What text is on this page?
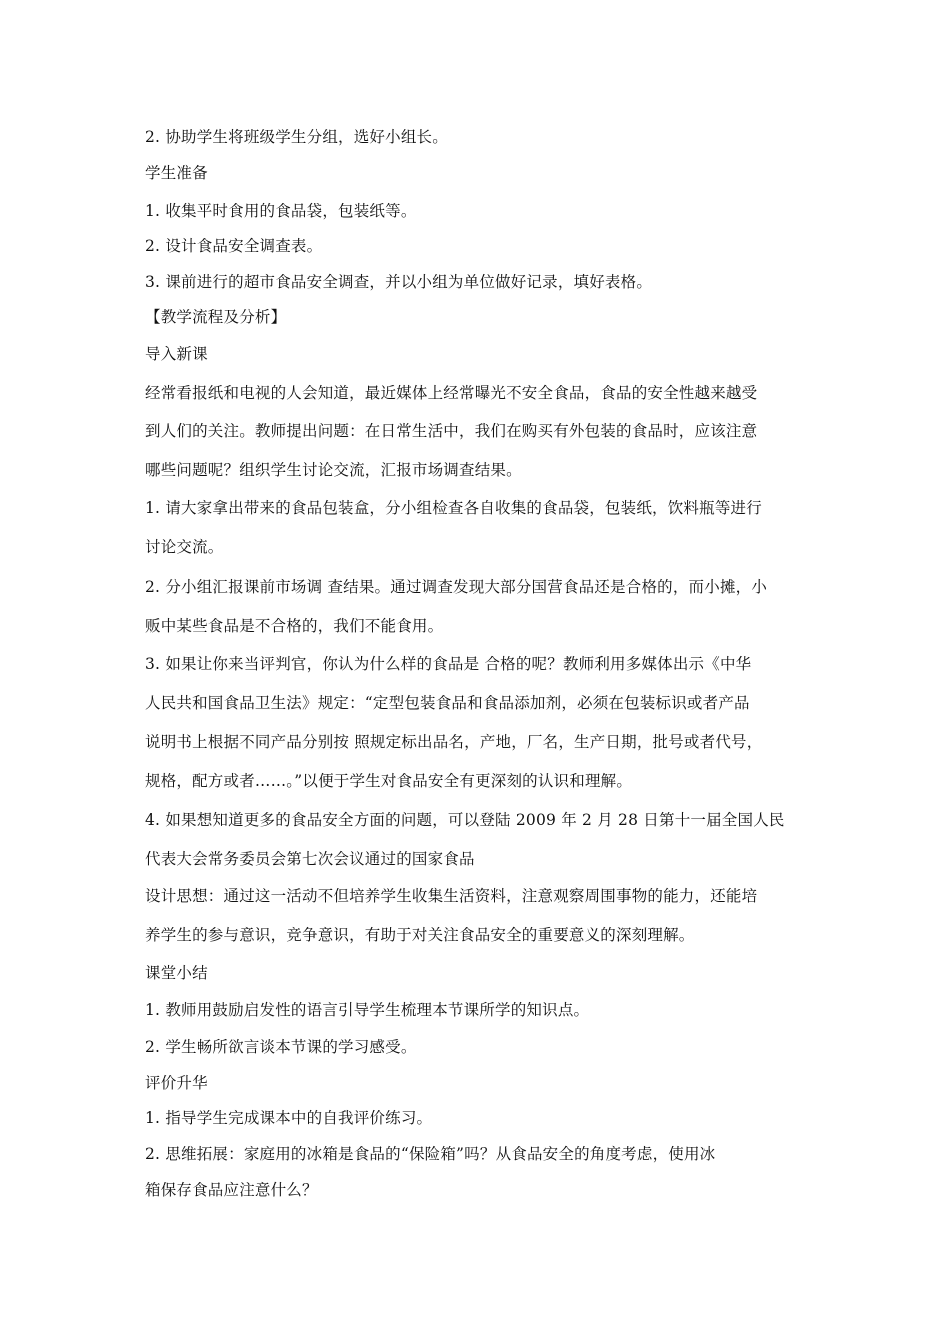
2. 协助学生将班级学生分组，选好小组长。
学生准备
1. 收集平时食用的食品袋，包装纸等。
2. 设计食品安全调查表。
3. 课前进行的超市食品安全调查，并以小组为单位做好记录，填好表格。
【教学流程及分析】
导入新课
经常看报纸和电视的人会知道，最近媒体上经常曝光不安全食品，食品的安全性越来越受
到人们的关注。教师提出问题：在日常生活中，我们在购买有外包装的食品时，应该注意
哪些问题呢？组织学生讨论交流，汇报市场调查结果。
1. 请大家拿出带来的食品包装盒，分小组检查各自收集的食品袋，包装纸，饮料瓶等进行
讨论交流。
2. 分小组汇报课前市场调 查结果。通过调查发现大部分国营食品还是合格的，而小摊，小
贩中某些食品是不合格的，我们不能食用。
3. 如果让你来当评判官，你认为什么样的食品是 合格的呢？教师利用多媒体出示《中华
人民共和国食品卫生法》规定：“定型包装食品和食品添加剂，必须在包装标识或者产品
说明书上根据不同产品分别按 照规定标出品名，产地，厂名，生产日期，批号或者代号，
规格，配方或者……。”以便于学生对食品安全有更深刻的认识和理解。
4. 如果想知道更多的食品安全方面的问题，可以登陆 2009 年 2 月 28 日第十一届全国人民
代表大会常务委员会第七次会议通过的国家食品
设计思想：通过这一活动不但培养学生收集生活资料，注意观察周围事物的能力，还能培
养学生的参与意识，竞争意识，有助于对关注食品安全的重要意义的深刻理解。
课堂小结
1. 教师用鼓励启发性的语言引导学生梳理本节课所学的知识点。
2. 学生畅所欲言谈本节课的学习感受。
评价升华
1. 指导学生完成课本中的自我评价练习。
2. 思维拓展：家庭用的冰箱是食品的“保险箱”吗？从食品安全的角度考虑，使用冰
箱保存食品应注意什么？
